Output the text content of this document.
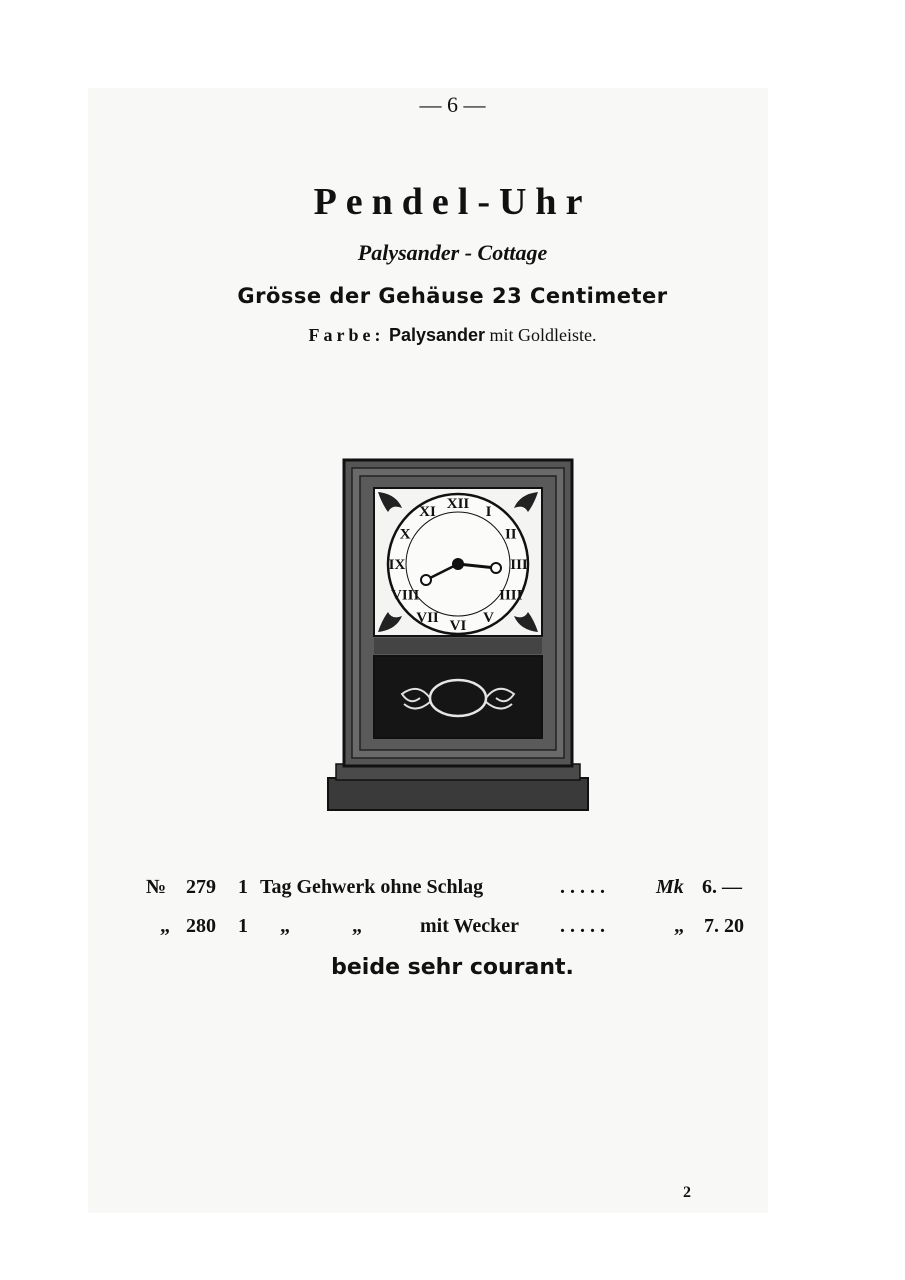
— 6 —
Pendel-Uhr
Palysander - Cottage
Grösse der Gehäuse 23 Centimeter
Farbe: Palysander mit Goldleiste.
XII
I
II
III
IIII
V
VI
VII
VIII
IX
X
XI
№ 279 1 Tag Gehwerk ohne Schlag	. . . . .	Mk 6. —
„ 280 1 „	„	mit Wecker . . . . .	„ 7. 20
beide sehr courant.
2
